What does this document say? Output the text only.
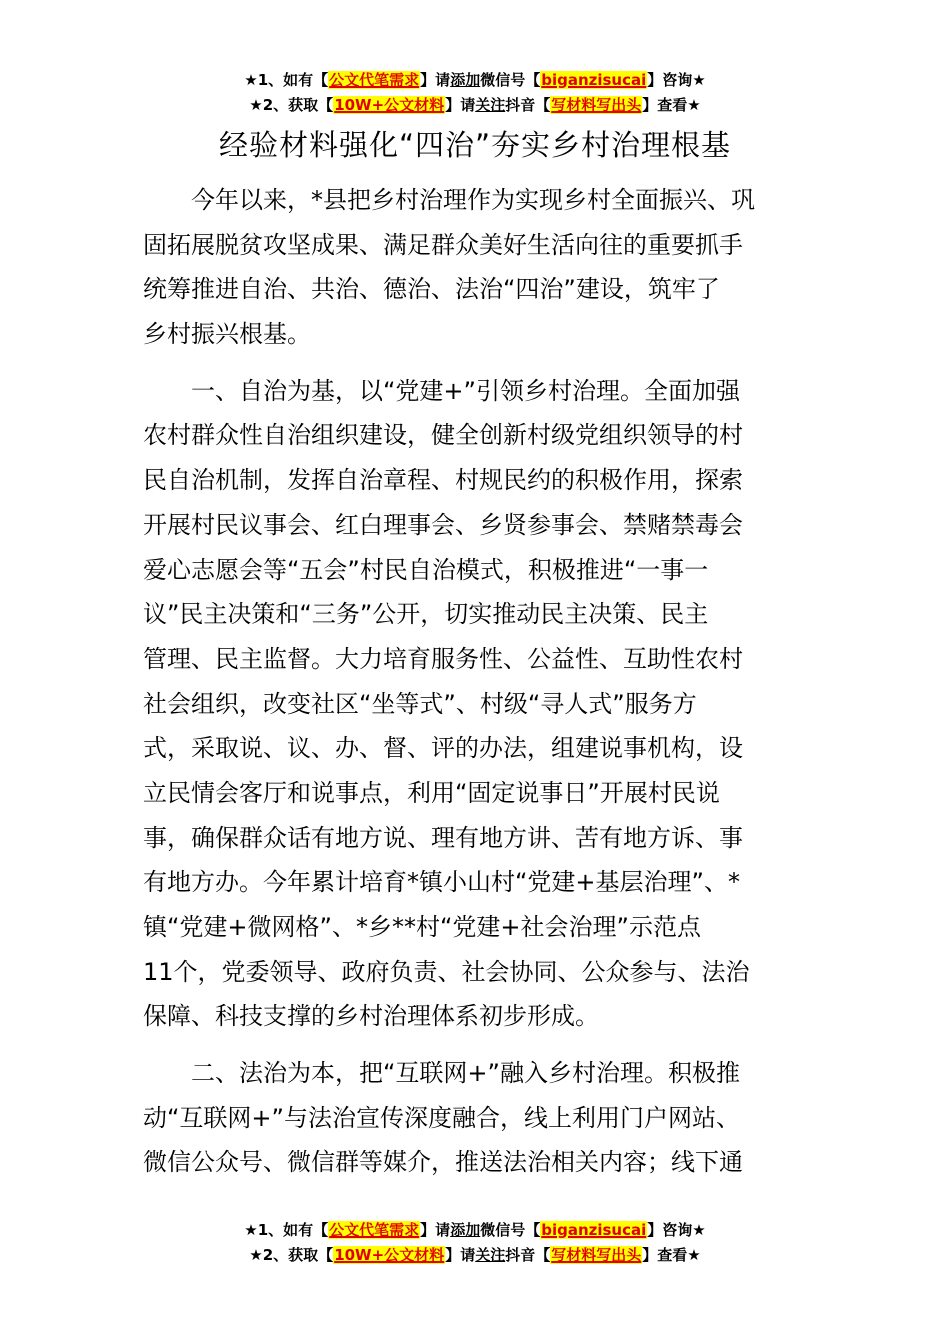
★1、如有【公文代笔需求】请添加微信号【biganzisucai】咨询★
★2、获取【10W+公文材料】请关注抖音【写材料写出头】查看★
经验材料强化“四治”夯实乡村治理根基
　　今年以来，*县把乡村治理作为实现乡村全面振兴、巩
固拓展脱贫攻坚成果、满足群众美好生活向往的重要抓手
统筹推进自治、共治、德治、法治“四治”建设，筑牢了
乡村振兴根基。
　　一、自治为基，以“党建+”引领乡村治理。全面加强
农村群众性自治组织建设，健全创新村级党组织领导的村
民自治机制，发挥自治章程、村规民约的积极作用，探索
开展村民议事会、红白理事会、乡贤参事会、禁赌禁毒会
爱心志愿会等“五会”村民自治模式，积极推进“一事一
议”民主决策和“三务”公开，切实推动民主决策、民主
管理、民主监督。大力培育服务性、公益性、互助性农村
社会组织，改变社区“坐等式”、村级“寻人式”服务方
式，采取说、议、办、督、评的办法，组建说事机构，设
立民情会客厅和说事点，利用“固定说事日”开展村民说
事，确保群众话有地方说、理有地方讲、苦有地方诉、事
有地方办。今年累计培育*镇小山村“党建+基层治理”、*
镇“党建+微网格”、*乡**村“党建+社会治理”示范点
11个，党委领导、政府负责、社会协同、公众参与、法治
保障、科技支撑的乡村治理体系初步形成。
　　二、法治为本，把“互联网+”融入乡村治理。积极推
动“互联网+”与法治宣传深度融合，线上利用门户网站、
微信公众号、微信群等媒介，推送法治相关内容；线下通
★1、如有【公文代笔需求】请添加微信号【biganzisucai】咨询★
★2、获取【10W+公文材料】请关注抖音【写材料写出头】查看★
